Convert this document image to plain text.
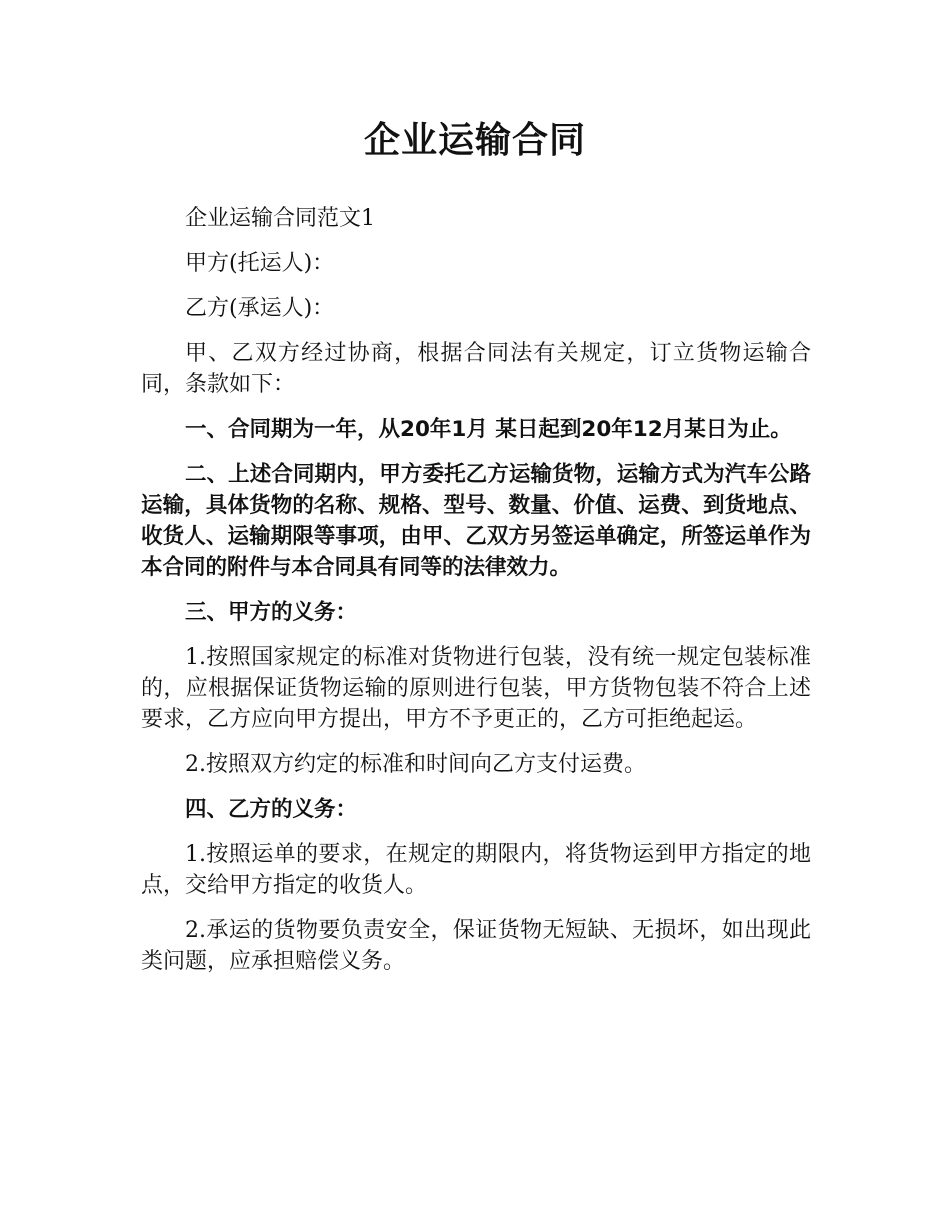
企业运输合同

企业运输合同范文1

甲方(托运人)：

乙方(承运人)：

甲、乙双方经过协商，根据合同法有关规定，订立货物运输合同，条款如下：

一、合同期为一年，从20年1月 某日起到20年12月某日为止。

二、上述合同期内，甲方委托乙方运输货物，运输方式为汽车公路运输，具体货物的名称、规格、型号、数量、价值、运费、到货地点、收货人、运输期限等事项，由甲、乙双方另签运单确定，所签运单作为本合同的附件与本合同具有同等的法律效力。

三、甲方的义务：

1.按照国家规定的标准对货物进行包装，没有统一规定包装标准的，应根据保证货物运输的原则进行包装，甲方货物包装不符合上述要求，乙方应向甲方提出，甲方不予更正的，乙方可拒绝起运。

2.按照双方约定的标准和时间向乙方支付运费。

四、乙方的义务：

1.按照运单的要求，在规定的期限内，将货物运到甲方指定的地点，交给甲方指定的收货人。

2.承运的货物要负责安全，保证货物无短缺、无损坏，如出现此类问题，应承担赔偿义务。
